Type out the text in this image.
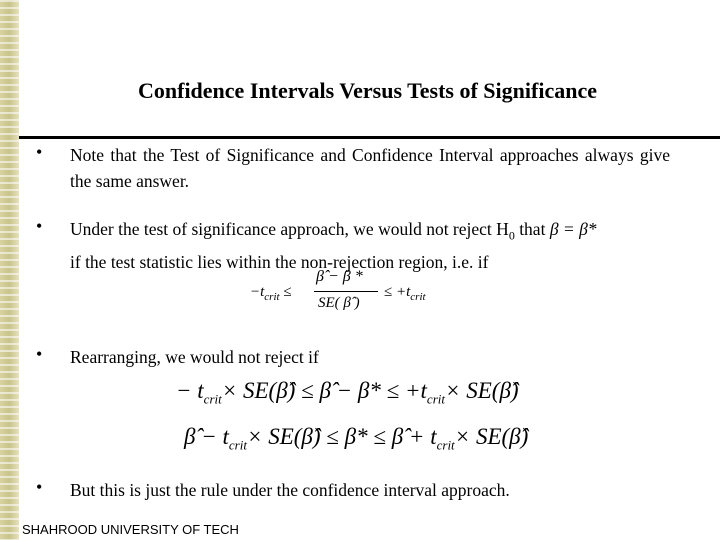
Confidence Intervals Versus Tests of Significance
• Note that the Test of Significance and Confidence Interval approaches always give the same answer.
• Under the test of significance approach, we would not reject $H_0$ that β = β*
if the test statistic lies within the non-rejection region, i.e. if
$-t_{crit}$ ≤
β̂ − β *
SE( β̂ )
≤ $+t_{crit}$
• Rearranging, we would not reject if
− $t_{crit}\times$ SE(β̂) ≤ β̂ − $\beta* \le +t_{crit}\times$ SE(β̂)
β̂ − $t_{crit}\times$ SE(β̂) ≤ β* ≤ β̂ + $t_{crit}\times$ SE(β̂)
• But this is just the rule under the confidence interval approach.
SHAHROOD UNIVERSITY OF TECH
